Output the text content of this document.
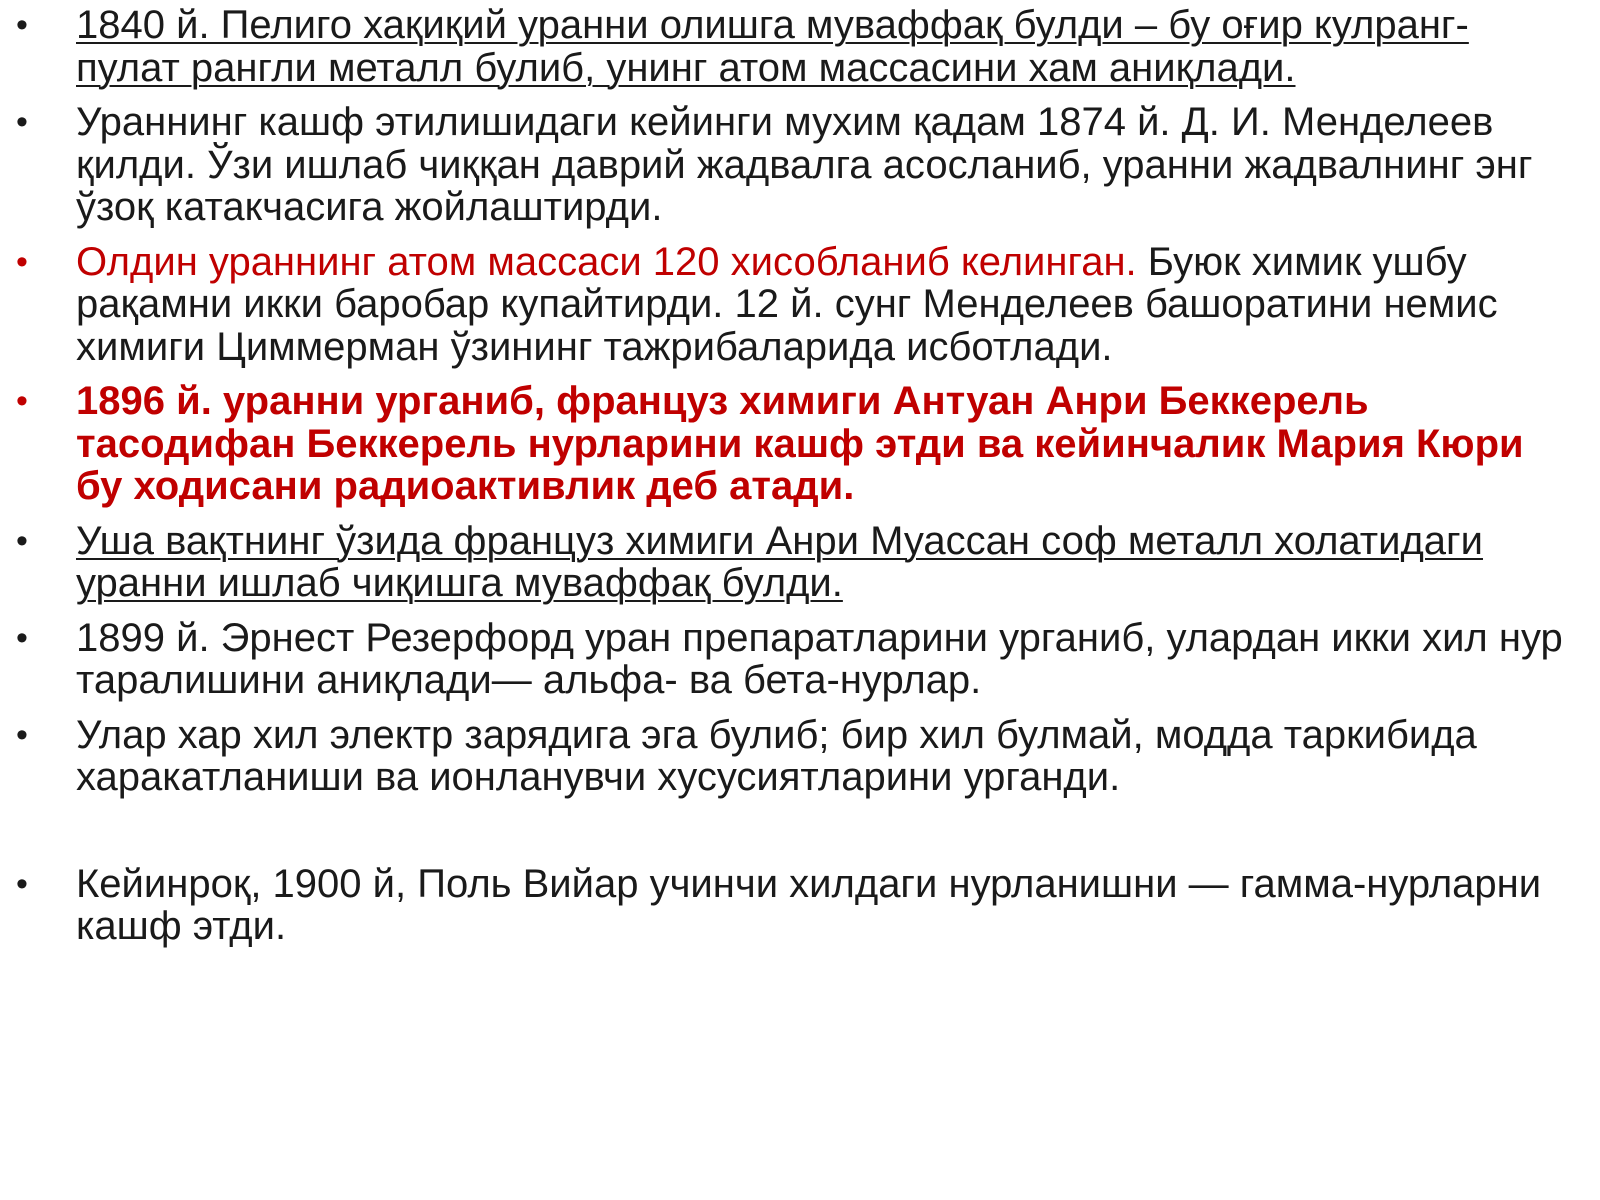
• 1840 й. Пелиго хақиқий уранни олишга муваффақ булди – бу оғир кулранг-пулат рангли металл булиб, унинг атом массасини хам аниқлади.
• Ураннинг кашф этилишидаги кейинги мухим қадам 1874 й. Д. И. Менделеев қилди. Ўзи ишлаб чиққан даврий жадвалга асосланиб, уранни жадвалнинг энг ўзоқ катакчасига жойлаштирди.
• Олдин ураннинг атом массаси 120 хисобланиб келинган. Буюк химик ушбу рақамни икки баробар купайтирди. 12 й. сунг Менделеев башоратини немис химиги Циммерман ўзининг тажрибаларида исботлади.
• 1896 й. уранни урганиб, француз химиги Антуан Анри Беккерель тасодифан Беккерель нурларини кашф этди ва кейинчалик Мария Кюри бу ходисани радиоактивлик деб атади.
• Уша вақтнинг ўзида француз химиги Анри Муассан соф металл холатидаги уранни ишлаб чиқишга муваффақ булди.
• 1899 й. Эрнест Резерфорд уран препаратларини урганиб, улардан икки хил нур таралишини аниқлади— альфа- ва бета-нурлар.
• Улар хар хил электр зарядига эга булиб; бир хил булмай, модда таркибида харакатланиши ва ионланувчи хусусиятларини урганди.
• Кейинроқ, 1900 й, Поль Вийар учинчи хилдаги нурланишни — гамма-нурларни кашф этди.
